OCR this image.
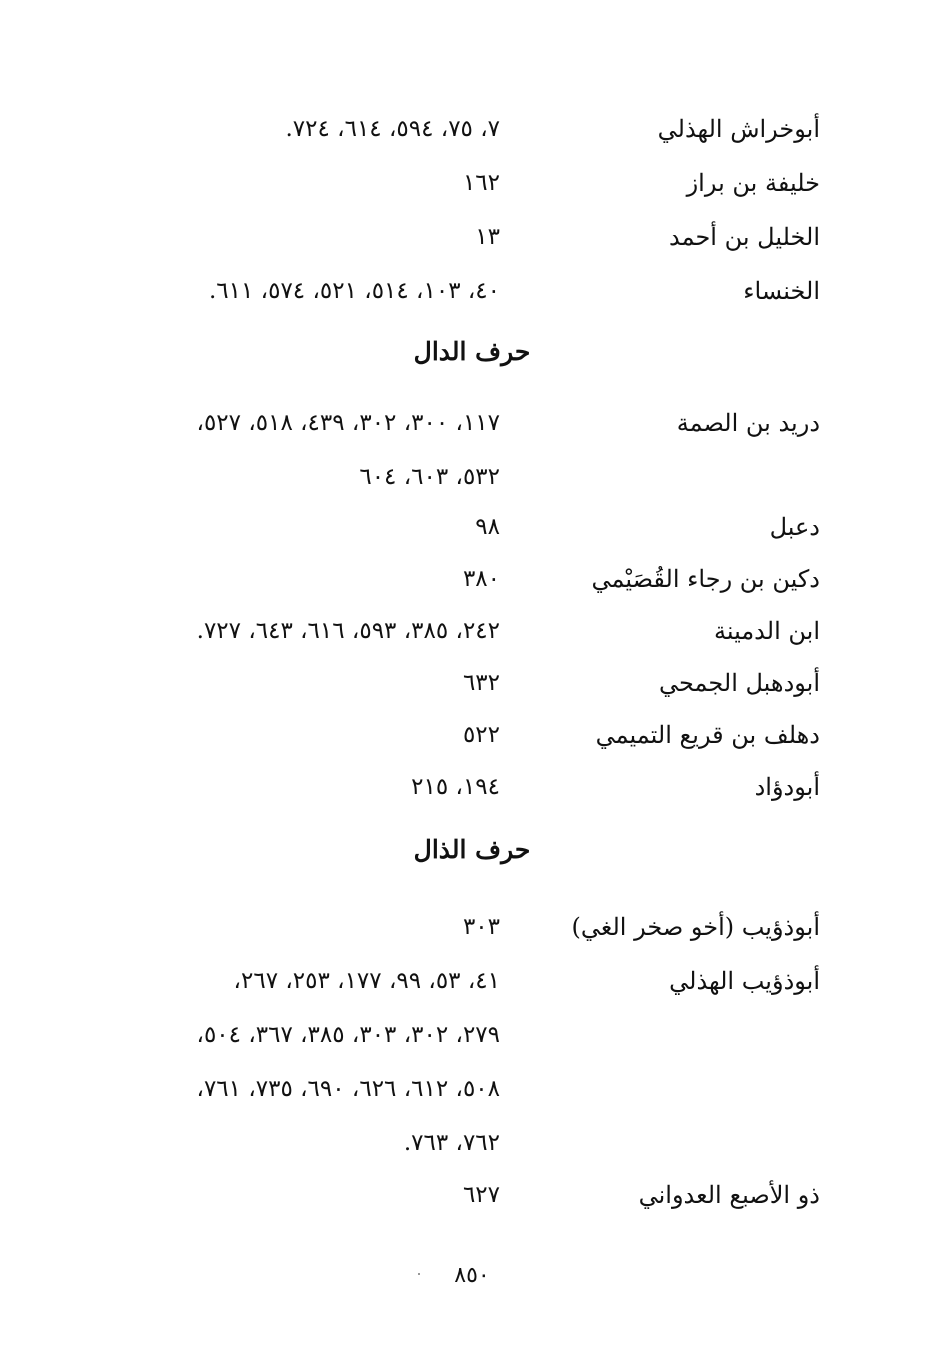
أبوخراش الهذلي
٧، ٧٥، ٥٩٤، ٦١٤، ٧٢٤.
خليفة بن براز
١٦٢
الخليل بن أحمد
١٣
الخنساء
٤٠، ١٠٣، ٥١٤، ٥٢١، ٥٧٤، ٦١١.
حرف الدال
دريد بن الصمة
١١٧، ٣٠٠، ٣٠٢، ٤٣٩، ٥١٨، ٥٢٧،
٥٣٢، ٦٠٣، ٦٠٤
دعبل
٩٨
دكين بن رجاء القُصَيْمي
٣٨٠
ابن الدمينة
٢٤٢، ٣٨٥، ٥٩٣، ٦١٦، ٦٤٣، ٧٢٧.
أبودهبل الجمحي
٦٣٢
دهلف بن قريع التميمي
٥٢٢
أبودؤاد
١٩٤، ٢١٥
حرف الذال
أبوذؤيب (أخو صخر الغي)
٣٠٣
أبوذؤيب الهذلي
٤١، ٥٣، ٩٩، ١٧٧، ٢٥٣، ٢٦٧،
٢٧٩، ٣٠٢، ٣٠٣، ٣٨٥، ٣٦٧، ٥٠٤،
٥٠٨، ٦١٢، ٦٢٦، ٦٩٠، ٧٣٥، ٧٦١،
٧٦٢، ٧٦٣.
ذو الأصبع العدواني
٦٢٧
٨٥٠
